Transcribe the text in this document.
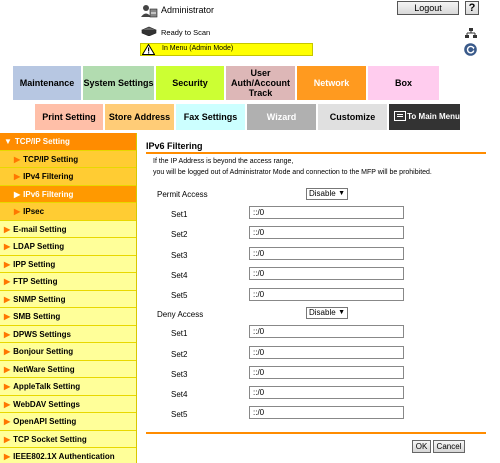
Administrator	Logout	?
Ready to Scan
In Menu (Admin Mode)
Maintenance	System Settings	Security
User Auth/Account Track
Network	Box
Print Setting	Store Address	Fax Settings	Wizard	Customize	To Main Menu
▼ TCP/IP Setting
▶ TCP/IP Setting
▶ IPv4 Filtering
▶ IPv6 Filtering
▶ IPsec
▶ E-mail Setting
▶ LDAP Setting
▶ IPP Setting
▶ FTP Setting
▶ SNMP Setting
▶ SMB Setting
▶ DPWS Settings
▶ Bonjour Setting
▶ NetWare Setting
▶ AppleTalk Setting
▶ WebDAV Settings
▶ OpenAPI Setting
▶ TCP Socket Setting
▶ IEEE802.1X Authentication
IPv6 Filtering
If the IP Address is beyond the access range,
you will be logged out of Administrator Mode and connection to the MFP will be prohibited.
Permit Access	Disable ▼
Set1	::/0
Set2	::/0
Set3	::/0
Set4	::/0
Set5	::/0
Deny Access	Disable ▼
Set1	::/0
Set2	::/0
Set3	::/0
Set4	::/0
Set5	::/0
OK	Cancel
